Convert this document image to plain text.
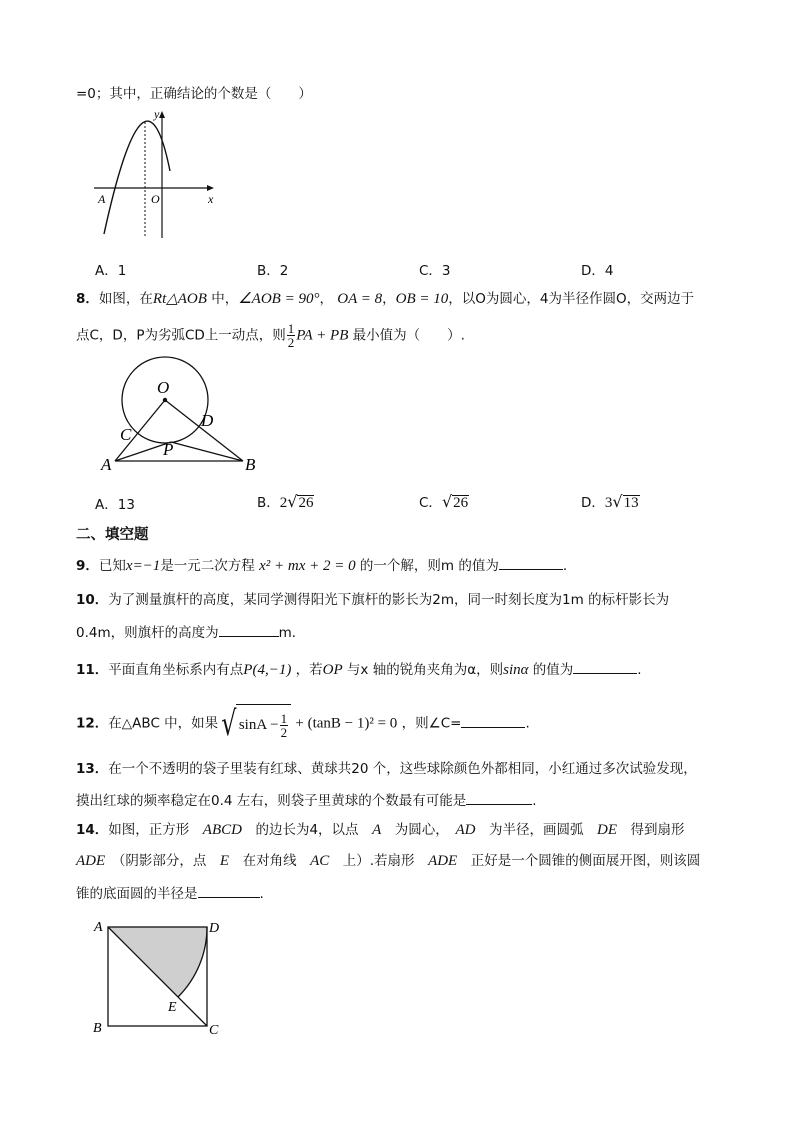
=0；其中，正确结论的个数是（　　）
y
x
O
A
A．1	B．2	C．3	D．4
8．如图，在Rt△AOB 中，∠AOB = 90°， OA = 8，OB = 10，以O为圆心，4为半径作圆O，交两边于
点C，D，P为劣弧CD上一动点，则 $\frac{1}{2}$ PA + PB 最小值为（　　）.
O
C
D
P
A	B
A．13	B．2√26	C．√26	D．3√13
二、填空题
9．已知x=−1是一元二次方程 x² + mx + 2 = 0 的一个解，则m 的值为	.
10．为了测量旗杆的高度，某同学测得阳光下旗杆的影长为2m，同一时刻长度为1m 的标杆影长为
0.4m，则旗杆的高度为	m．
11．平面直角坐标系内有点P(4,−1) ，若OP 与x 轴的锐角夹角为α，则sinα 的值为	.
12．在△ABC 中，如果√ $\sin A - \frac{1}{2} + (\tan B - 1)^2 = 0$ ，则∠C=	.
13．在一个不透明的袋子里装有红球、黄球共20 个，这些球除颜色外都相同，小红通过多次试验发现，
摸出红球的频率稳定在0.4 左右，则袋子里黄球的个数最有可能是	.
14．如图，正方形　 ABCD　 的边长为4，以点　 A　 为圆心，　 AD　 为半径，画圆弧　 DE　 得到扇形
ADE　 （阴影部分，点　 E　 在对角线　 AC　 上）.若扇形　 ADE　 正好是一个圆锥的侧面展开图，则该圆
锥的底面圆的半径是	.
A	D
B	C
E
